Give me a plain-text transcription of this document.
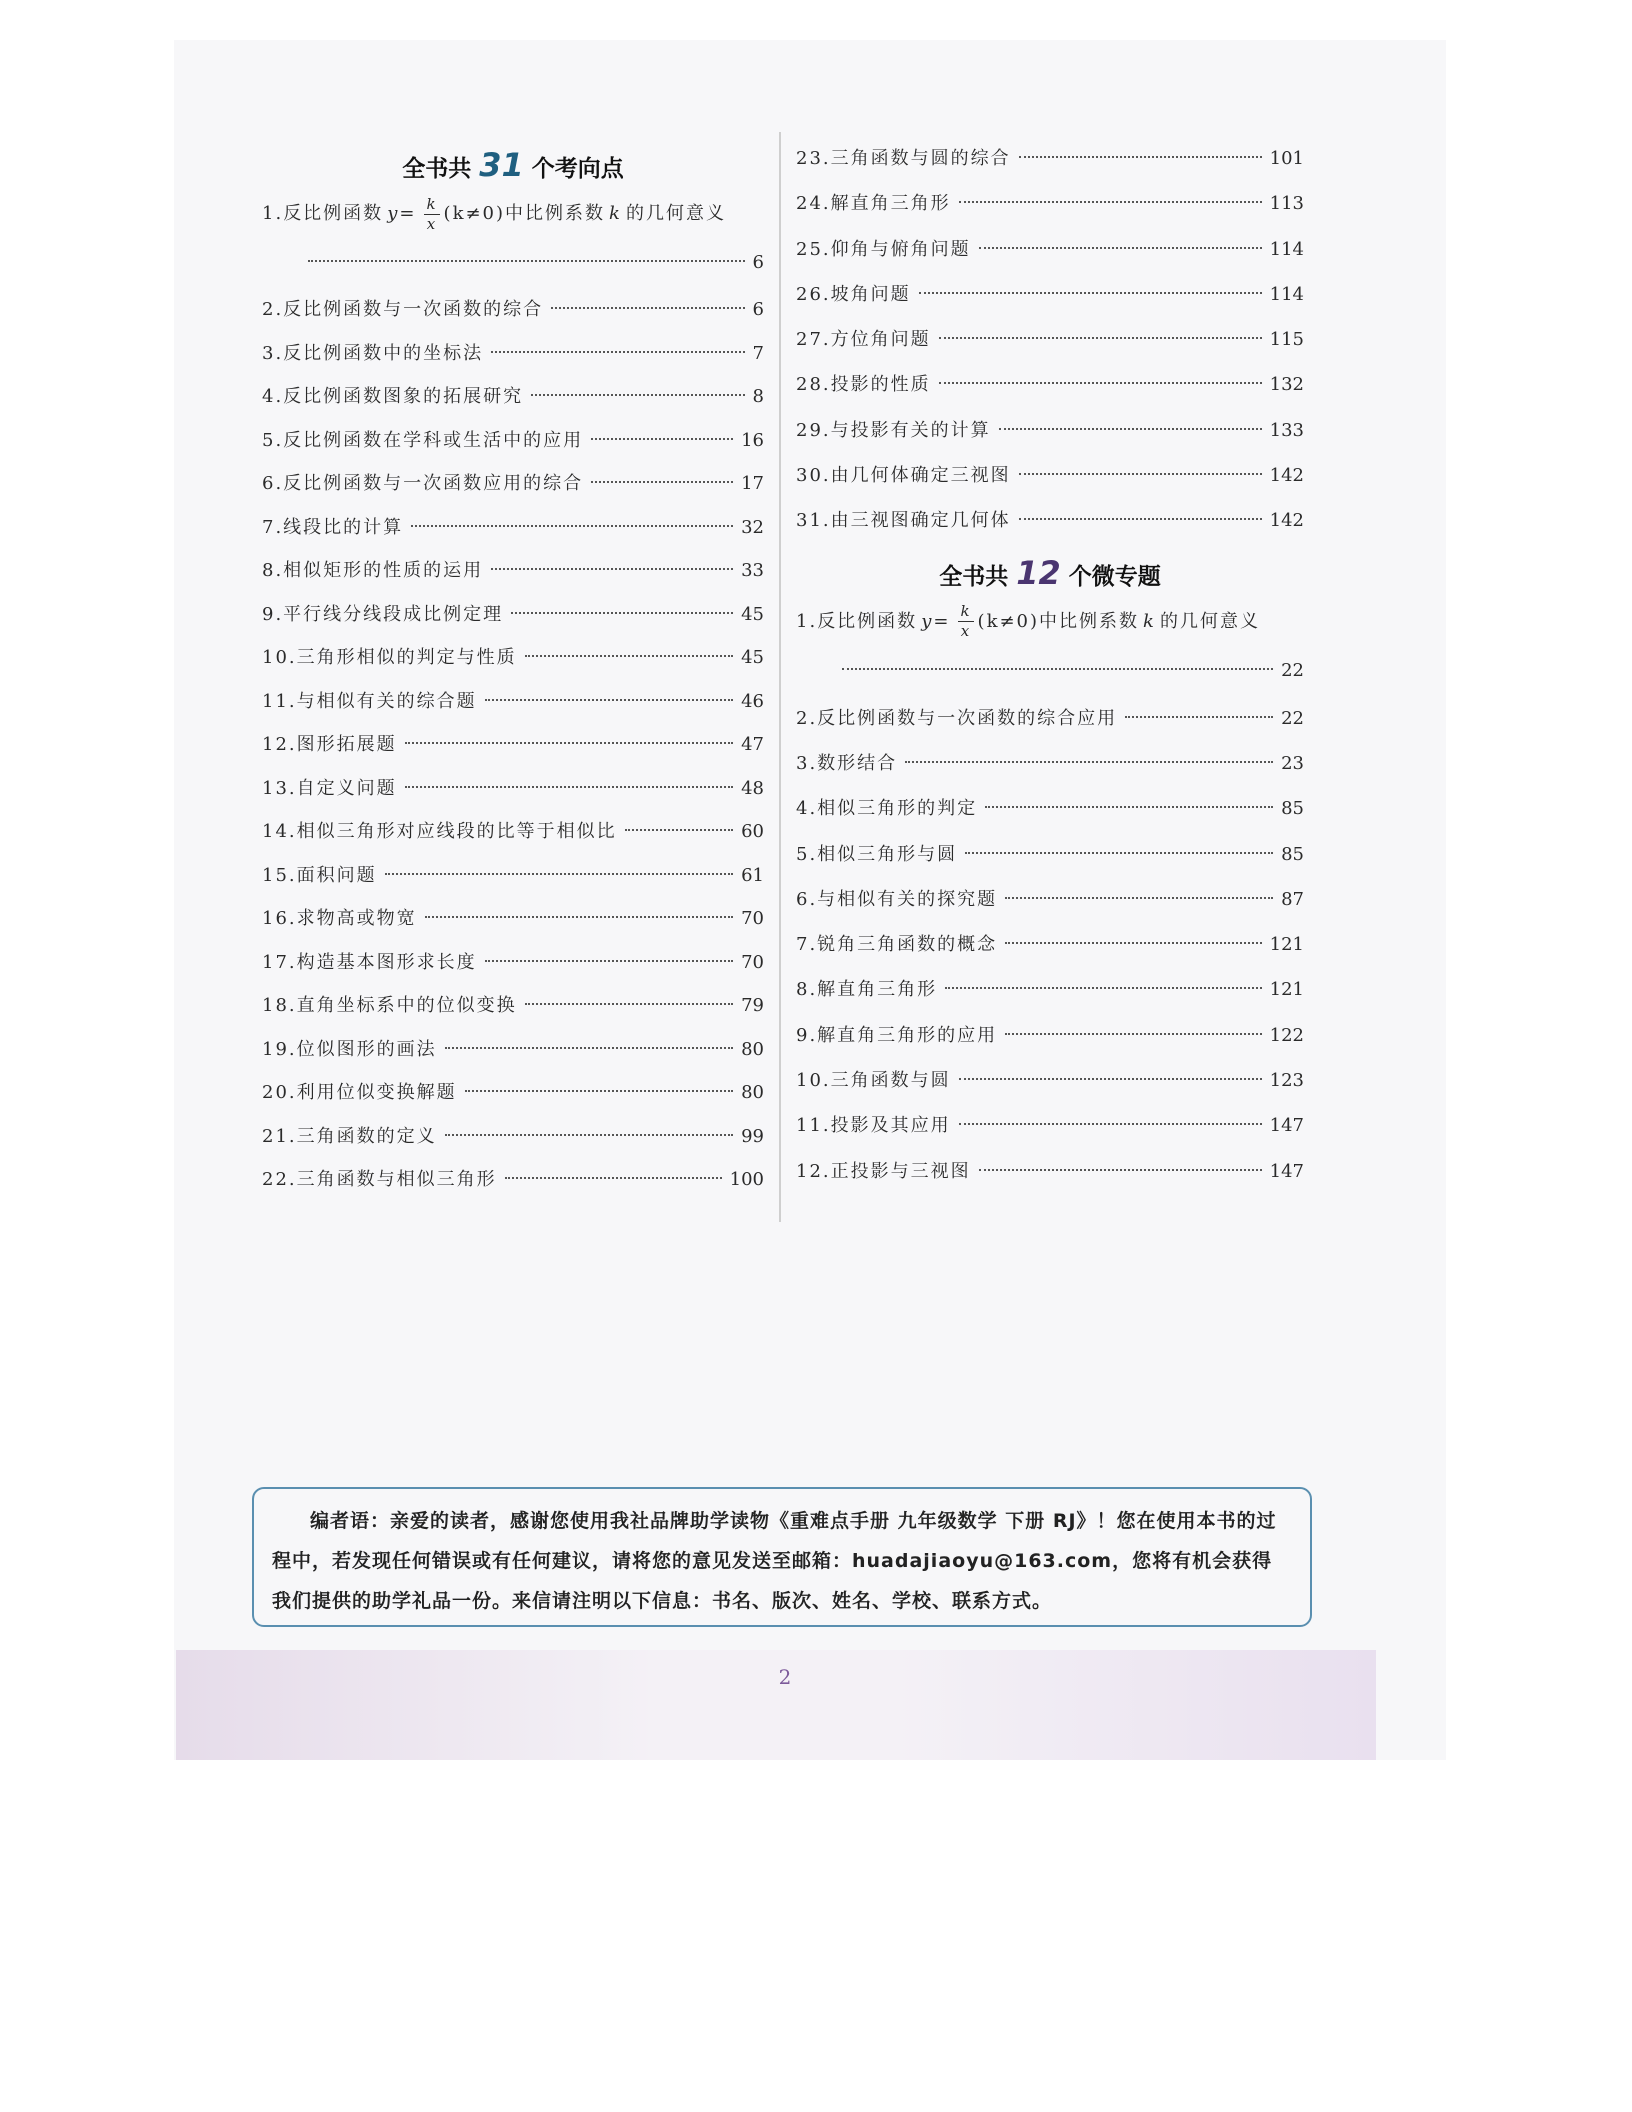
全书共 31 个考向点
1. 反比例函数 $y= \frac{k}{x} (k\ne 0)$ 中比例系数 k 的几何意义
6
2.反比例函数与一次函数的综合	6
3.反比例函数中的坐标法	7
4.反比例函数图象的拓展研究	8
5.反比例函数在学科或生活中的应用	16
6.反比例函数与一次函数应用的综合	17
7.线段比的计算	32
8.相似矩形的性质的运用	33
9.平行线分线段成比例定理	45
10.三角形相似的判定与性质	45
11.与相似有关的综合题	46
12.图形拓展题	47
13.自定义问题	48
14.相似三角形对应线段的比等于相似比	60
15.面积问题	61
16.求物高或物宽	70
17.构造基本图形求长度	70
18.直角坐标系中的位似变换	79
19.位似图形的画法	80
20.利用位似变换解题	80
21.三角函数的定义	99
22.三角函数与相似三角形	100
23.三角函数与圆的综合	101
24.解直角三角形	113
25.仰角与俯角问题	114
26.坡角问题	114
27.方位角问题	115
28.投影的性质	132
29.与投影有关的计算	133
30.由几何体确定三视图	142
31.由三视图确定几何体	142
全书共 12 个微专题
1. 反比例函数 $y= \frac{k}{x} (k\ne 0)$ 中比例系数 k 的几何意义
22
2.反比例函数与一次函数的综合应用	22
3.数形结合	23
4.相似三角形的判定	85
5.相似三角形与圆	85
6.与相似有关的探究题	87
7.锐角三角函数的概念	121
8.解直角三角形	121
9.解直角三角形的应用	122
10.三角函数与圆	123
11.投影及其应用	147
12.正投影与三视图	147
编者语：亲爱的读者，感谢您使用我社品牌助学读物《重难点手册 九年级数学 下册 RJ》！您在使用本书的过程中，若发现任何错误或有任何建议，请将您的意见发送至邮箱：huadajiaoyu@163.com，您将有机会获得我们提供的助学礼品一份。来信请注明以下信息：书名、版次、姓名、学校、联系方式。
2
